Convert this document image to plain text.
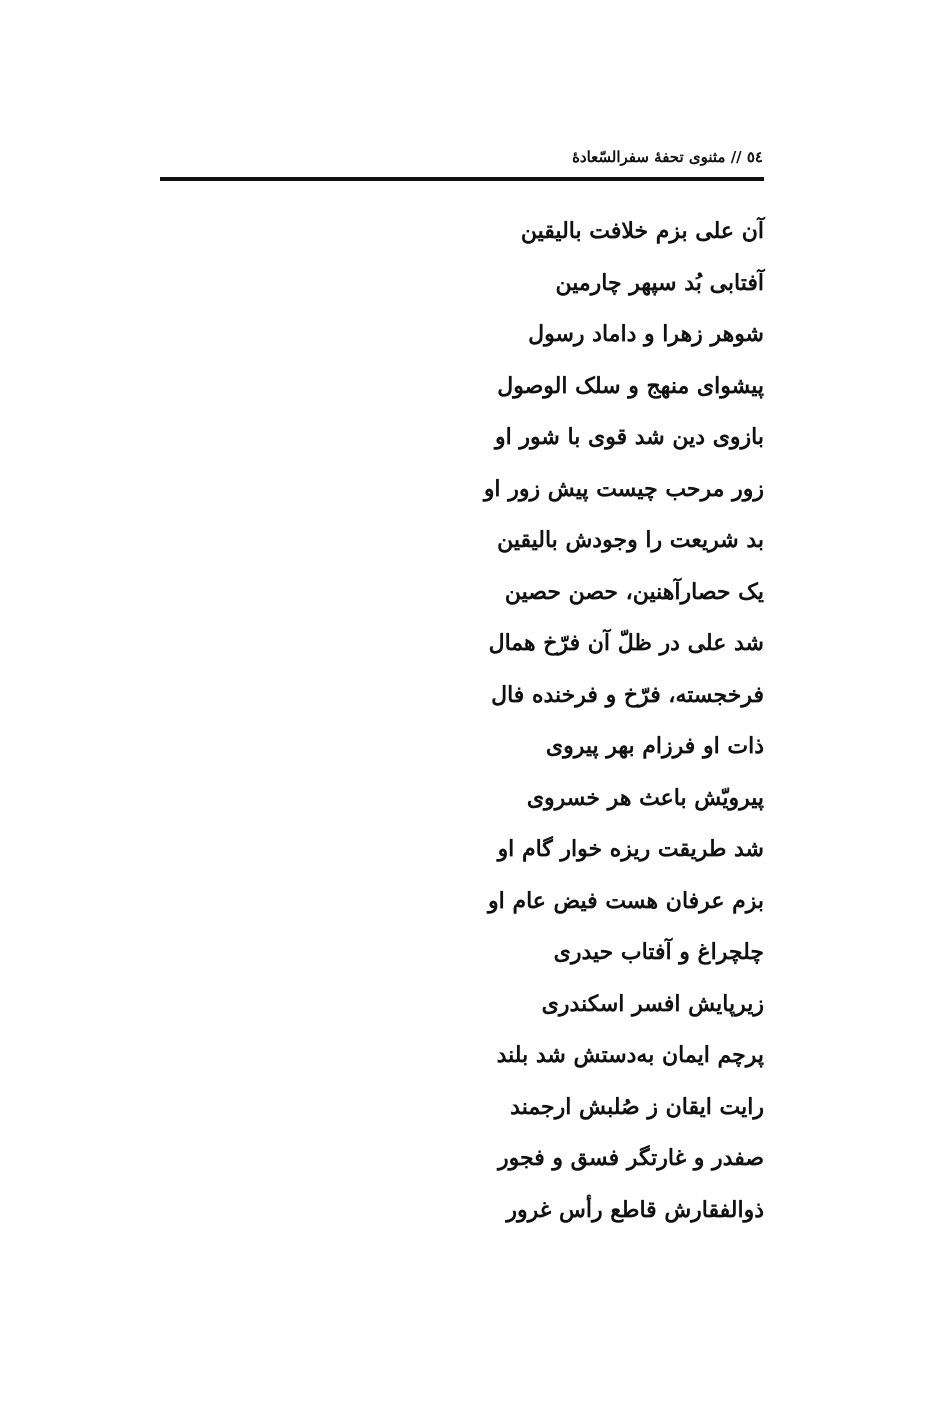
٥٤ // مثنوی تحفهٔ سفرالسّعادهٔ
آن علی بزم خلافت بالیقین
آفتابی بُد سپهر چارمین
شوهر زهرا و داماد رسول
پیشوای منهج و سلک الوصول
بازوی دین شد قوی با شور او
زور مرحب چیست پیش زور او
بد شریعت را وجودش بالیقین
یک حصارآهنین، حصن حصین
شد علی در ظلّ آن فرّخ همال
فرخجسته، فرّخ و فرخنده فال
ذات او فرزام بهر پیروی
پیرویّش باعث هر خسروی
شد طریقت ریزه خوار گام او
بزم عرفان هست فیض عام او
چلچراغ و آفتاب حیدری
زیرپایش افسر اسکندری
پرچم ایمان به‌دستش شد بلند
رایت ایقان ز صُلبش ارجمند
صفدر و غارتگر فسق و فجور
ذوالفقارش قاطع رأس غرور
